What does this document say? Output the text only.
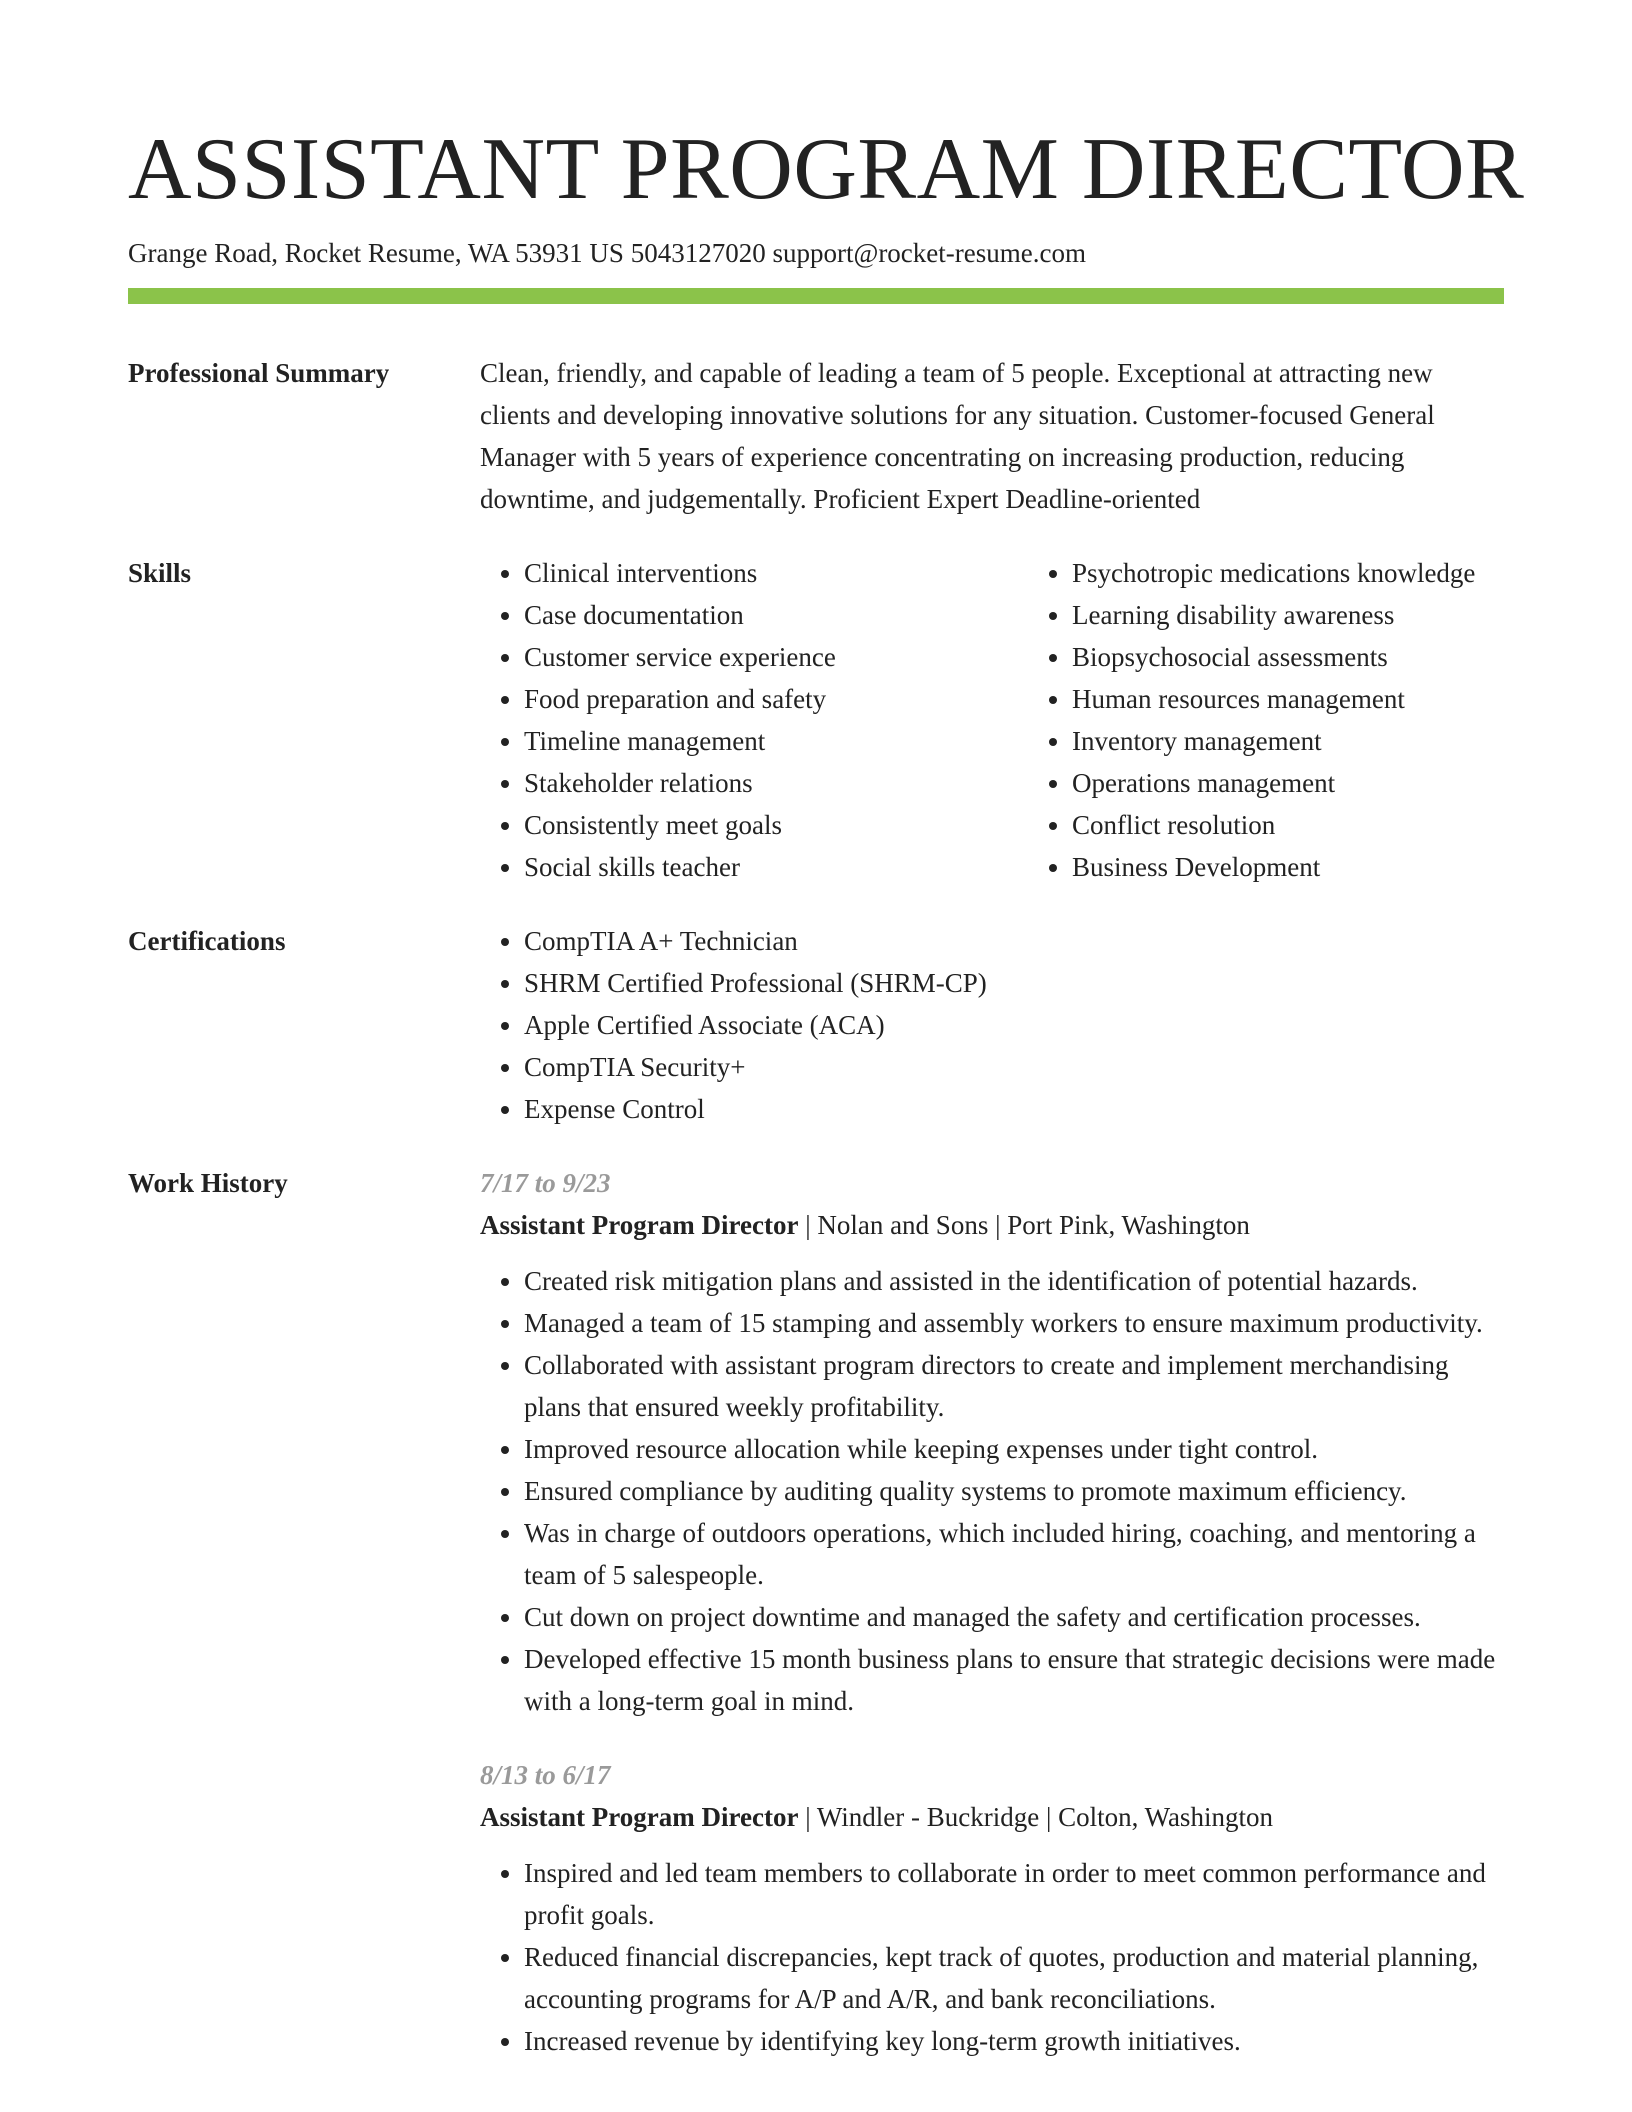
ASSISTANT PROGRAM DIRECTOR
Grange Road, Rocket Resume, WA 53931 US 5043127020 support@rocket-resume.com
Professional Summary	Clean, friendly, and capable of leading a team of 5 people. Exceptional at attracting new clients and developing innovative solutions for any situation. Customer-focused General Manager with 5 years of experience concentrating on increasing production, reducing downtime, and judgementally. Proficient Expert Deadline-oriented

Skills	• Clinical interventions
• Case documentation
• Customer service experience
• Food preparation and safety
• Timeline management
• Stakeholder relations
• Consistently meet goals
• Social skills teacher
• Psychotropic medications knowledge
• Learning disability awareness
• Biopsychosocial assessments
• Human resources management
• Inventory management
• Operations management
• Conflict resolution
• Business Development
Certifications	• CompTIA A+ Technician
• SHRM Certified Professional (SHRM-CP)
• Apple Certified Associate (ACA)
• CompTIA Security+
• Expense Control
Work History	7/17 to 9/23
Assistant Program Director | Nolan and Sons | Port Pink, Washington
• Created risk mitigation plans and assisted in the identification of potential hazards.
• Managed a team of 15 stamping and assembly workers to ensure maximum productivity.
• Collaborated with assistant program directors to create and implement merchandising plans that ensured weekly profitability.
• Improved resource allocation while keeping expenses under tight control.
• Ensured compliance by auditing quality systems to promote maximum efficiency.
• Was in charge of outdoors operations, which included hiring, coaching, and mentoring a team of 5 salespeople.
• Cut down on project downtime and managed the safety and certification processes.
• Developed effective 15 month business plans to ensure that strategic decisions were made with a long-term goal in mind.
8/13 to 6/17
Assistant Program Director | Windler - Buckridge | Colton, Washington
• Inspired and led team members to collaborate in order to meet common performance and profit goals.
• Reduced financial discrepancies, kept track of quotes, production and material planning, accounting programs for A/P and A/R, and bank reconciliations.
• Increased revenue by identifying key long-term growth initiatives.
